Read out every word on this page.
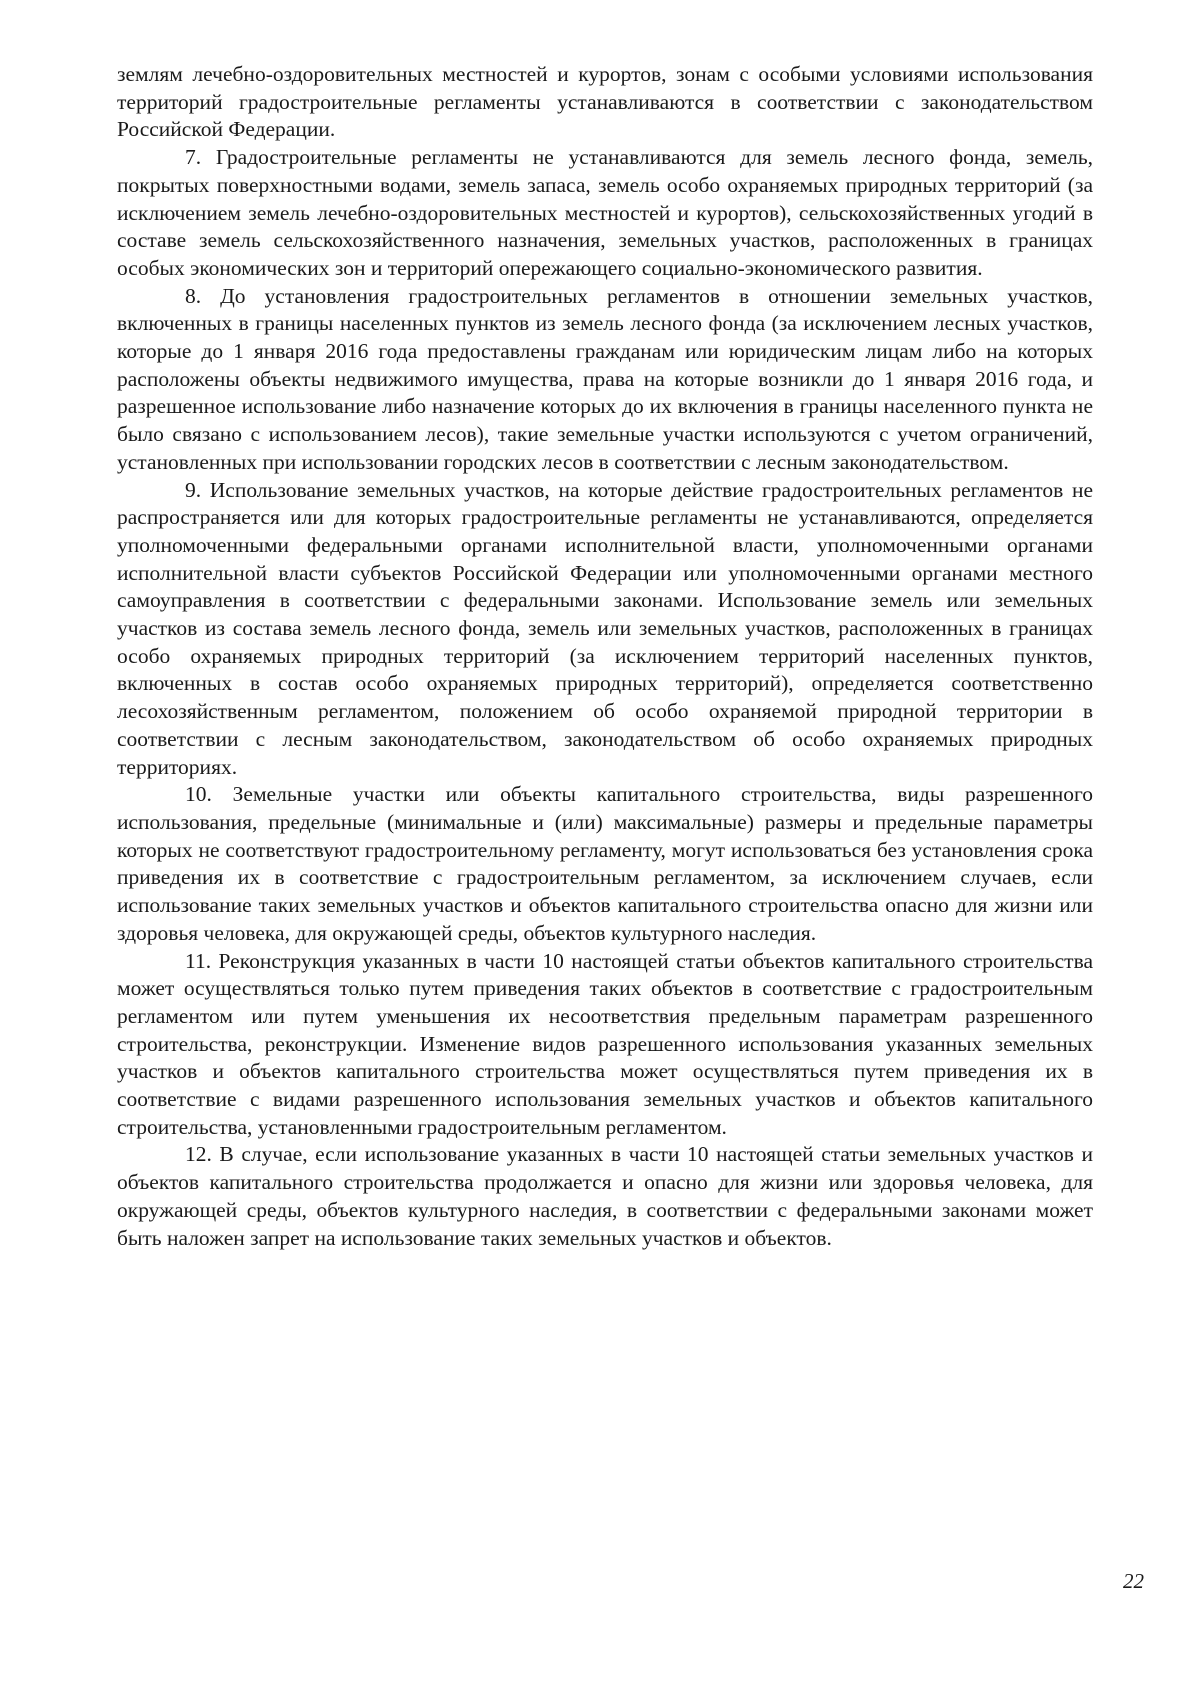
землям лечебно-оздоровительных местностей и курортов, зонам с особыми условиями использования территорий градостроительные регламенты устанавливаются в соответствии с законодательством Российской Федерации.

7. Градостроительные регламенты не устанавливаются для земель лесного фонда, земель, покрытых поверхностными водами, земель запаса, земель особо охраняемых природных территорий (за исключением земель лечебно-оздоровительных местностей и курортов), сельскохозяйственных угодий в составе земель сельскохозяйственного назначения, земельных участков, расположенных в границах особых экономических зон и территорий опережающего социально-экономического развития.

8. До установления градостроительных регламентов в отношении земельных участков, включенных в границы населенных пунктов из земель лесного фонда (за исключением лесных участков, которые до 1 января 2016 года предоставлены гражданам или юридическим лицам либо на которых расположены объекты недвижимого имущества, права на которые возникли до 1 января 2016 года, и разрешенное использование либо назначение которых до их включения в границы населенного пункта не было связано с использованием лесов), такие земельные участки используются с учетом ограничений, установленных при использовании городских лесов в соответствии с лесным законодательством.

9. Использование земельных участков, на которые действие градостроительных регламентов не распространяется или для которых градостроительные регламенты не устанавливаются, определяется уполномоченными федеральными органами исполнительной власти, уполномоченными органами исполнительной власти субъектов Российской Федерации или уполномоченными органами местного самоуправления в соответствии с федеральными законами. Использование земель или земельных участков из состава земель лесного фонда, земель или земельных участков, расположенных в границах особо охраняемых природных территорий (за исключением территорий населенных пунктов, включенных в состав особо охраняемых природных территорий), определяется соответственно лесохозяйственным регламентом, положением об особо охраняемой природной территории в соответствии с лесным законодательством, законодательством об особо охраняемых природных территориях.

10. Земельные участки или объекты капитального строительства, виды разрешенного использования, предельные (минимальные и (или) максимальные) размеры и предельные параметры которых не соответствуют градостроительному регламенту, могут использоваться без установления срока приведения их в соответствие с градостроительным регламентом, за исключением случаев, если использование таких земельных участков и объектов капитального строительства опасно для жизни или здоровья человека, для окружающей среды, объектов культурного наследия.

11. Реконструкция указанных в части 10 настоящей статьи объектов капитального строительства может осуществляться только путем приведения таких объектов в соответствие с градостроительным регламентом или путем уменьшения их несоответствия предельным параметрам разрешенного строительства, реконструкции. Изменение видов разрешенного использования указанных земельных участков и объектов капитального строительства может осуществляться путем приведения их в соответствие с видами разрешенного использования земельных участков и объектов капитального строительства, установленными градостроительным регламентом.

12. В случае, если использование указанных в части 10 настоящей статьи земельных участков и объектов капитального строительства продолжается и опасно для жизни или здоровья человека, для окружающей среды, объектов культурного наследия, в соответствии с федеральными законами может быть наложен запрет на использование таких земельных участков и объектов.

22
